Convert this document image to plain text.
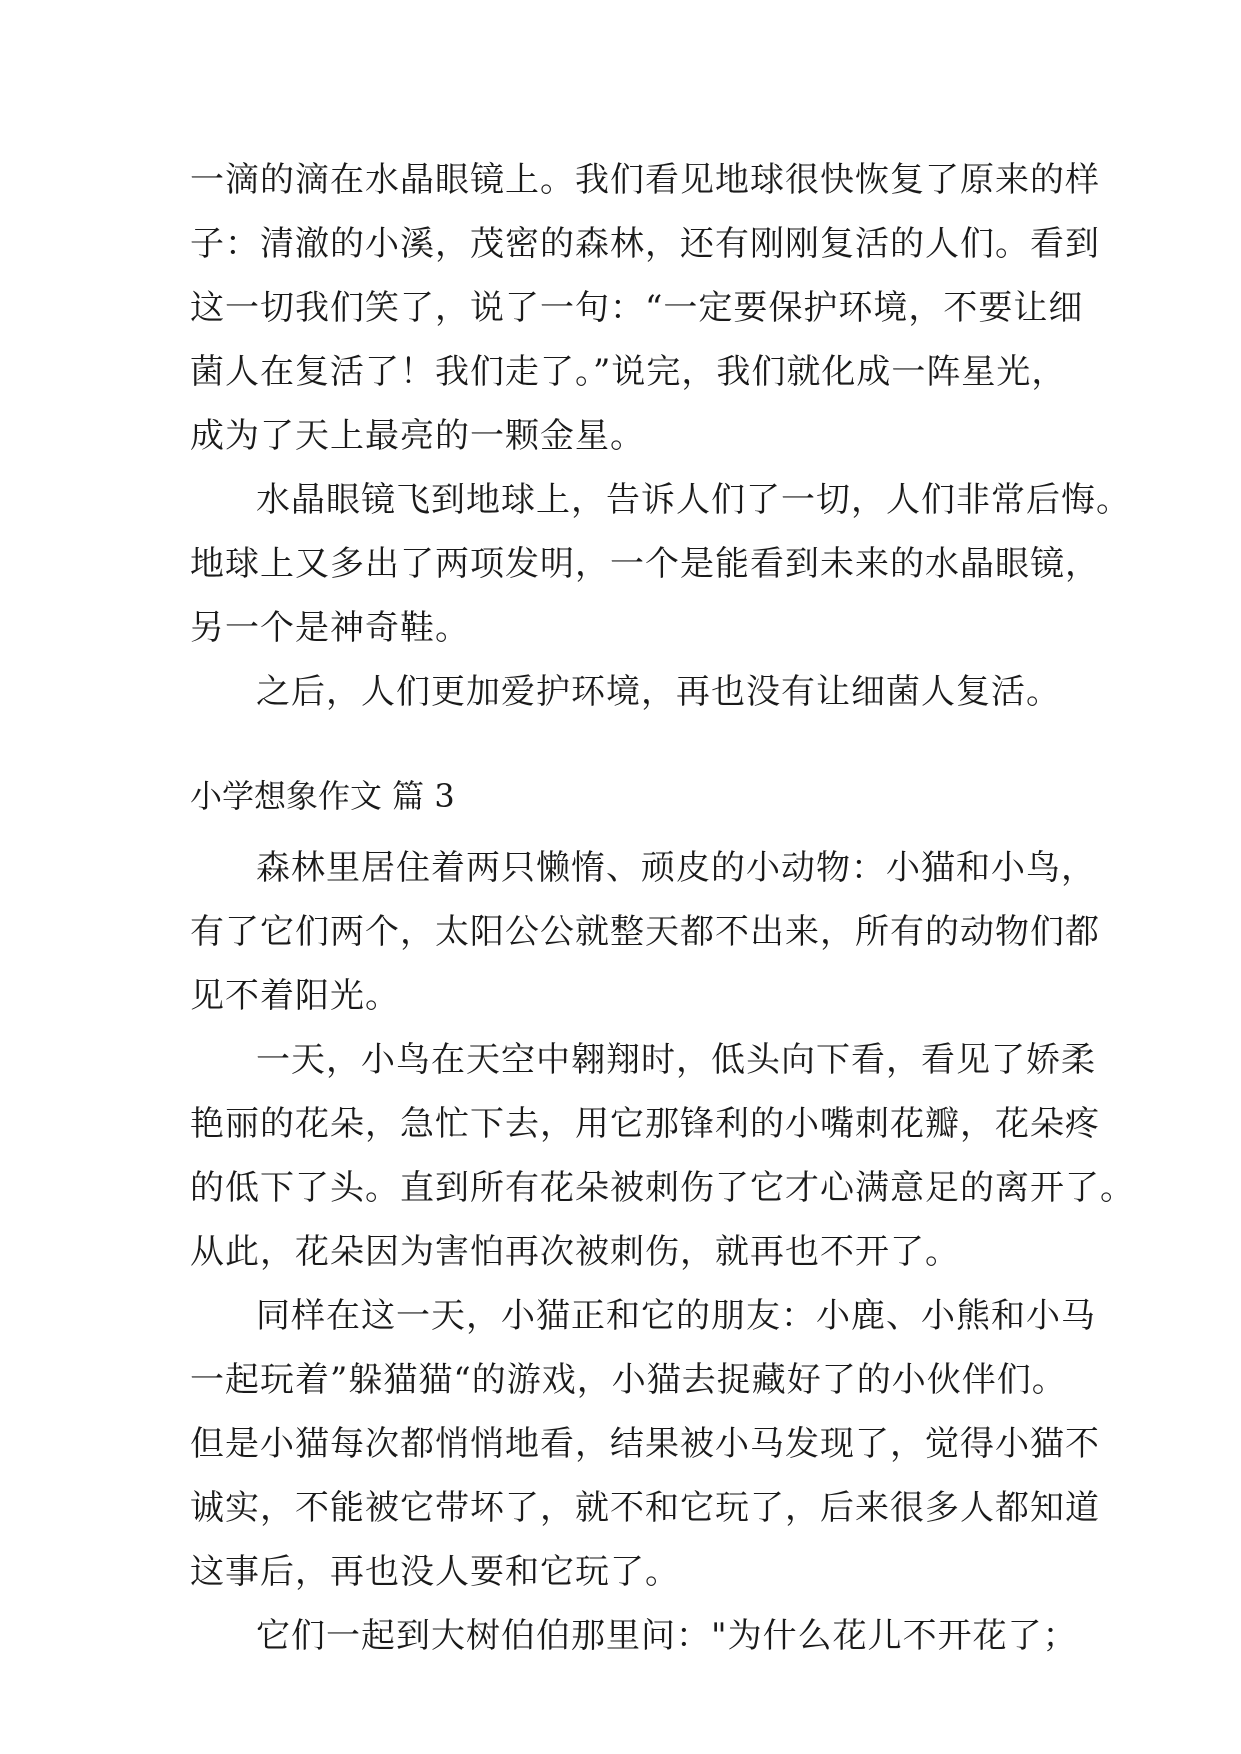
一滴的滴在水晶眼镜上。我们看见地球很快恢复了原来的样
子：清澈的小溪，茂密的森林，还有刚刚复活的人们。看到
这一切我们笑了，说了一句：“一定要保护环境，不要让细
菌人在复活了！我们走了。”说完，我们就化成一阵星光，
成为了天上最亮的一颗金星。
水晶眼镜飞到地球上，告诉人们了一切，人们非常后悔。
地球上又多出了两项发明，一个是能看到未来的水晶眼镜，
另一个是神奇鞋。
之后，人们更加爱护环境，再也没有让细菌人复活。
小学想象作文 篇 3
森林里居住着两只懒惰、顽皮的小动物：小猫和小鸟，
有了它们两个，太阳公公就整天都不出来，所有的动物们都
见不着阳光。
一天，小鸟在天空中翱翔时，低头向下看，看见了娇柔
艳丽的花朵，急忙下去，用它那锋利的小嘴刺花瓣，花朵疼
的低下了头。直到所有花朵被刺伤了它才心满意足的离开了。
从此，花朵因为害怕再次被刺伤，就再也不开了。
同样在这一天，小猫正和它的朋友：小鹿、小熊和小马
一起玩着”躲猫猫“的游戏，小猫去捉藏好了的小伙伴们。
但是小猫每次都悄悄地看，结果被小马发现了，觉得小猫不
诚实，不能被它带坏了，就不和它玩了，后来很多人都知道
这事后，再也没人要和它玩了。
它们一起到大树伯伯那里问："为什么花儿不开花了；
